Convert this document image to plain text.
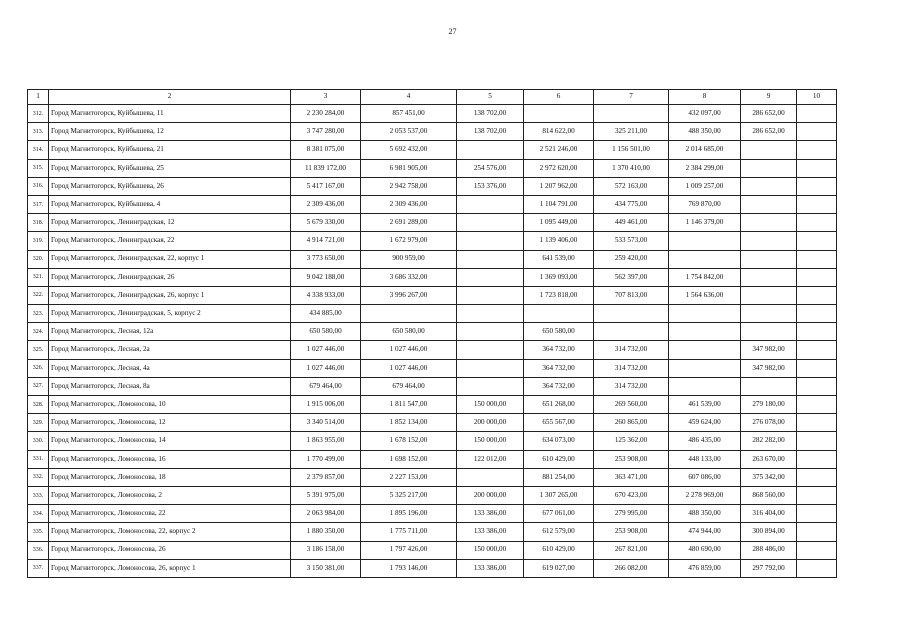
27
1	2	3	4	5	6	7	8	9	10
312.	Город Магнитогорск, Куйбышева, 11	2 230 284,00	857 451,00	138 702,00			432 097,00	286 652,00	
313.	Город Магнитогорск, Куйбышева, 12	3 747 280,00	2 053 537,00	138 702,00	814 622,00	325 211,00	488 350,00	286 652,00	
314.	Город Магнитогорск, Куйбышева, 21	8 381 075,00	5 692 432,00		2 521 246,00	1 156 501,00	2 014 685,00		
315.	Город Магнитогорск, Куйбышева, 25	11 839 172,00	6 981 905,00	254 576,00	2 972 620,00	1 370 410,00	2 384 299,00		
316.	Город Магнитогорск, Куйбышева, 26	5 417 167,00	2 942 758,00	153 376,00	1 207 962,00	572 163,00	1 009 257,00		
317.	Город Магнитогорск, Куйбышева, 4	2 309 436,00	2 309 436,00		1 104 791,00	434 775,00	769 870,00		
318.	Город Магнитогорск, Ленинградская, 12	5 679 330,00	2 691 289,00		1 095 449,00	449 461,00	1 146 379,00		
319.	Город Магнитогорск, Ленинградская, 22	4 914 721,00	1 672 979,00		1 139 406,00	533 573,00			
320.	Город Магнитогорск, Ленинградская, 22, корпус 1	3 773 650,00	900 959,00		641 539,00	259 420,00			
321.	Город Магнитогорск, Ленинградская, 26	9 042 188,00	3 686 332,00		1 369 093,00	562 397,00	1 754 842,00		
322.	Город Магнитогорск, Ленинградская, 26, корпус 1	4 338 933,00	3 996 267,00		1 723 818,00	707 813,00	1 564 636,00		
323.	Город Магнитогорск, Ленинградская, 5, корпус 2	434 885,00							
324.	Город Магнитогорск, Лесная, 12а	650 580,00	650 580,00		650 580,00				
325.	Город Магнитогорск, Лесная, 2а	1 027 446,00	1 027 446,00		364 732,00	314 732,00		347 982,00	
326.	Город Магнитогорск, Лесная, 4а	1 027 446,00	1 027 446,00		364 732,00	314 732,00		347 982,00	
327.	Город Магнитогорск, Лесная, 8а	679 464,00	679 464,00		364 732,00	314 732,00			
328.	Город Магнитогорск, Ломоносова, 10	1 915 006,00	1 811 547,00	150 000,00	651 268,00	269 560,00	461 539,00	279 180,00	
329.	Город Магнитогорск, Ломоносова, 12	3 340 514,00	1 852 134,00	200 000,00	655 567,00	260 865,00	459 624,00	276 078,00	
330.	Город Магнитогорск, Ломоносова, 14	1 863 955,00	1 678 152,00	150 000,00	634 073,00	125 362,00	486 435,00	282 282,00	
331.	Город Магнитогорск, Ломоносова, 16	1 770 499,00	1 698 152,00	122 012,00	610 429,00	253 908,00	448 133,00	263 670,00	
332.	Город Магнитогорск, Ломоносова, 18	2 379 857,00	2 227 153,00		881 254,00	363 471,00	607 086,00	375 342,00	
333.	Город Магнитогорск, Ломоносова, 2	5 391 975,00	5 325 217,00	200 000,00	1 307 265,00	670 423,00	2 278 969,00	868 560,00	
334.	Город Магнитогорск, Ломоносова, 22	2 063 984,00	1 895 196,00	133 386,00	677 061,00	279 995,00	488 350,00	316 404,00	
335.	Город Магнитогорск, Ломоносова, 22, корпус 2	1 880 350,00	1 775 711,00	133 386,00	612 579,00	253 908,00	474 944,00	300 894,00	
336.	Город Магнитогорск, Ломоносова, 26	3 186 158,00	1 797 426,00	150 000,00	610 429,00	267 821,00	480 690,00	288 486,00	
337.	Город Магнитогорск, Ломоносова, 26, корпус 1	3 150 381,00	1 793 146,00	133 386,00	619 027,00	266 082,00	476 859,00	297 792,00	
